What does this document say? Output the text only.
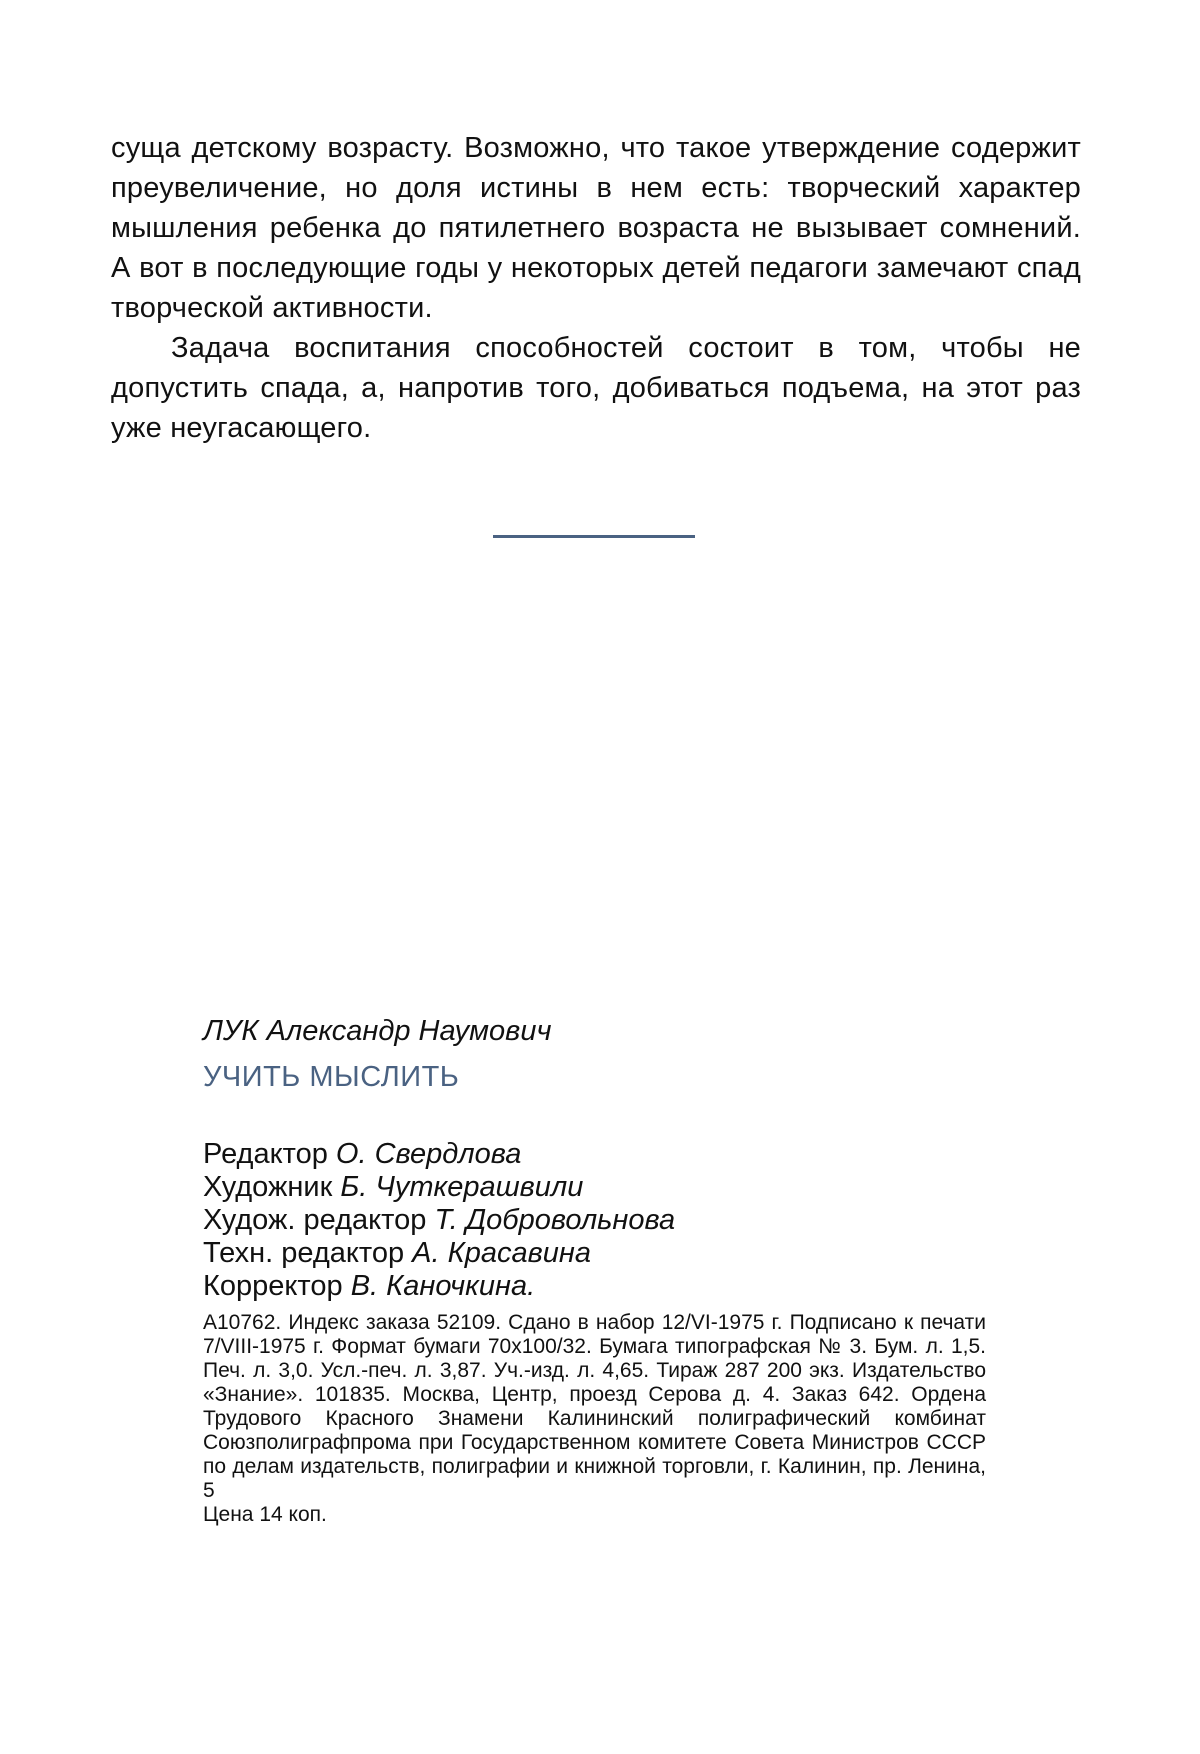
суща детскому возрасту. Возможно, что такое утверждение содержит преувеличение, но доля истины в нем есть: творческий характер мышления ребенка до пятилетнего возраста не вызывает сомнений. А вот в последующие годы у некоторых детей педагоги замечают спад творческой активности.

Задача воспитания способностей состоит в том, чтобы не допустить спада, а, напротив того, добиваться подъема, на этот раз уже неугасающего.

ЛУК Александр Наумович

УЧИТЬ МЫСЛИТЬ

Редактор О. Свердлова
Художник Б. Чуткерашвили
Худож. редактор Т. Добровольнова
Техн. редактор А. Красавина
Корректор В. Каночкина.
А10762. Индекс заказа 52109. Сдано в набор 12/VI-1975 г. Подписано к печати 7/VIII-1975 г. Формат бумаги 70x100/32. Бумага типографская № 3. Бум. л. 1,5. Печ. л. 3,0. Усл.-печ. л. 3,87. Уч.-изд. л. 4,65. Тираж 287 200 экз. Издательство «Знание». 101835. Москва, Центр, проезд Серова д. 4. Заказ 642. Ордена Трудового Красного Знамени Калининский полиграфический комбинат Союзполиграфпрома при Государственном комитете Совета Министров СССР по делам издательств, полиграфии и книжной торговли, г. Калинин, пр. Ленина, 5
Цена 14 коп.
